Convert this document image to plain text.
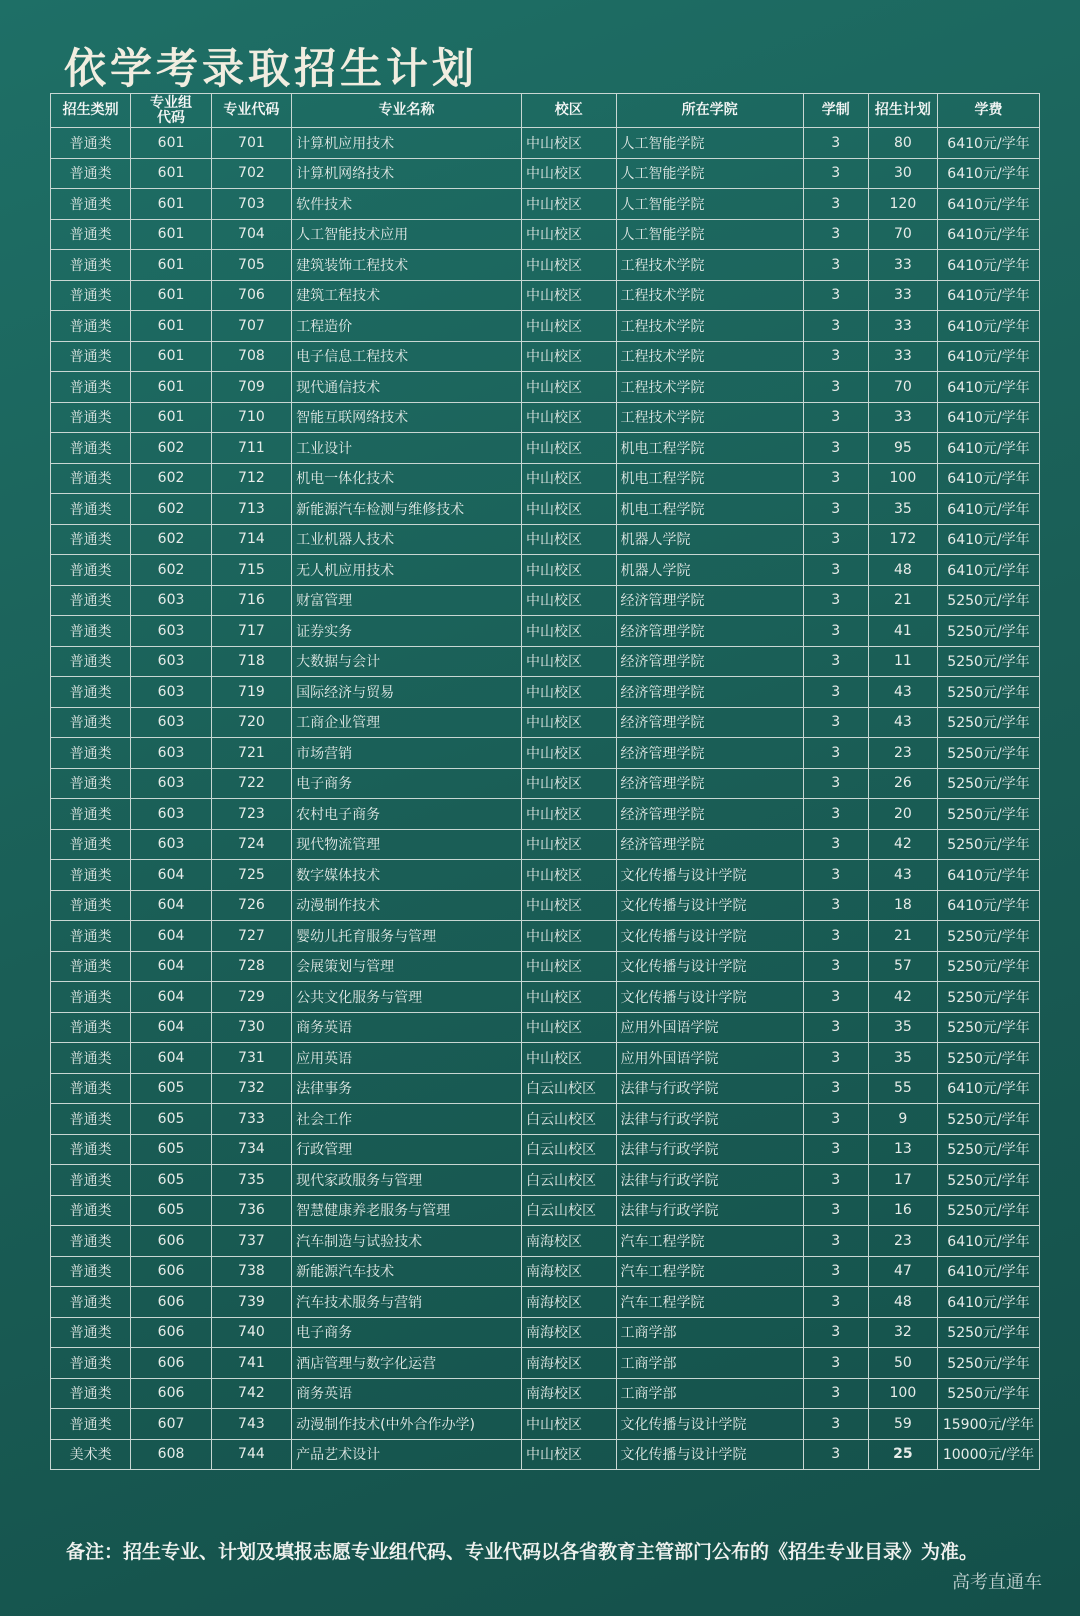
依学考录取招生计划
招生类别	专业组代码	专业代码	专业名称	校区	所在学院	学制	招生计划	学费
普通类	601	701	计算机应用技术	中山校区	人工智能学院	3	80	6410元/学年
普通类	601	702	计算机网络技术	中山校区	人工智能学院	3	30	6410元/学年
普通类	601	703	软件技术	中山校区	人工智能学院	3	120	6410元/学年
普通类	601	704	人工智能技术应用	中山校区	人工智能学院	3	70	6410元/学年
普通类	601	705	建筑装饰工程技术	中山校区	工程技术学院	3	33	6410元/学年
普通类	601	706	建筑工程技术	中山校区	工程技术学院	3	33	6410元/学年
普通类	601	707	工程造价	中山校区	工程技术学院	3	33	6410元/学年
普通类	601	708	电子信息工程技术	中山校区	工程技术学院	3	33	6410元/学年
普通类	601	709	现代通信技术	中山校区	工程技术学院	3	70	6410元/学年
普通类	601	710	智能互联网络技术	中山校区	工程技术学院	3	33	6410元/学年
普通类	602	711	工业设计	中山校区	机电工程学院	3	95	6410元/学年
普通类	602	712	机电一体化技术	中山校区	机电工程学院	3	100	6410元/学年
普通类	602	713	新能源汽车检测与维修技术	中山校区	机电工程学院	3	35	6410元/学年
普通类	602	714	工业机器人技术	中山校区	机器人学院	3	172	6410元/学年
普通类	602	715	无人机应用技术	中山校区	机器人学院	3	48	6410元/学年
普通类	603	716	财富管理	中山校区	经济管理学院	3	21	5250元/学年
普通类	603	717	证券实务	中山校区	经济管理学院	3	41	5250元/学年
普通类	603	718	大数据与会计	中山校区	经济管理学院	3	11	5250元/学年
普通类	603	719	国际经济与贸易	中山校区	经济管理学院	3	43	5250元/学年
普通类	603	720	工商企业管理	中山校区	经济管理学院	3	43	5250元/学年
普通类	603	721	市场营销	中山校区	经济管理学院	3	23	5250元/学年
普通类	603	722	电子商务	中山校区	经济管理学院	3	26	5250元/学年
普通类	603	723	农村电子商务	中山校区	经济管理学院	3	20	5250元/学年
普通类	603	724	现代物流管理	中山校区	经济管理学院	3	42	5250元/学年
普通类	604	725	数字媒体技术	中山校区	文化传播与设计学院	3	43	6410元/学年
普通类	604	726	动漫制作技术	中山校区	文化传播与设计学院	3	18	6410元/学年
普通类	604	727	婴幼儿托育服务与管理	中山校区	文化传播与设计学院	3	21	5250元/学年
普通类	604	728	会展策划与管理	中山校区	文化传播与设计学院	3	57	5250元/学年
普通类	604	729	公共文化服务与管理	中山校区	文化传播与设计学院	3	42	5250元/学年
普通类	604	730	商务英语	中山校区	应用外国语学院	3	35	5250元/学年
普通类	604	731	应用英语	中山校区	应用外国语学院	3	35	5250元/学年
普通类	605	732	法律事务	白云山校区	法律与行政学院	3	55	6410元/学年
普通类	605	733	社会工作	白云山校区	法律与行政学院	3	9	5250元/学年
普通类	605	734	行政管理	白云山校区	法律与行政学院	3	13	5250元/学年
普通类	605	735	现代家政服务与管理	白云山校区	法律与行政学院	3	17	5250元/学年
普通类	605	736	智慧健康养老服务与管理	白云山校区	法律与行政学院	3	16	5250元/学年
普通类	606	737	汽车制造与试验技术	南海校区	汽车工程学院	3	23	6410元/学年
普通类	606	738	新能源汽车技术	南海校区	汽车工程学院	3	47	6410元/学年
普通类	606	739	汽车技术服务与营销	南海校区	汽车工程学院	3	48	6410元/学年
普通类	606	740	电子商务	南海校区	工商学部	3	32	5250元/学年
普通类	606	741	酒店管理与数字化运营	南海校区	工商学部	3	50	5250元/学年
普通类	606	742	商务英语	南海校区	工商学部	3	100	5250元/学年
普通类	607	743	动漫制作技术(中外合作办学)	中山校区	文化传播与设计学院	3	59	15900元/学年
美术类	608	744	产品艺术设计	中山校区	文化传播与设计学院	3	25	10000元/学年
备注：招生专业、计划及填报志愿专业组代码、专业代码以各省教育主管部门公布的《招生专业目录》为准。
高考直通车
